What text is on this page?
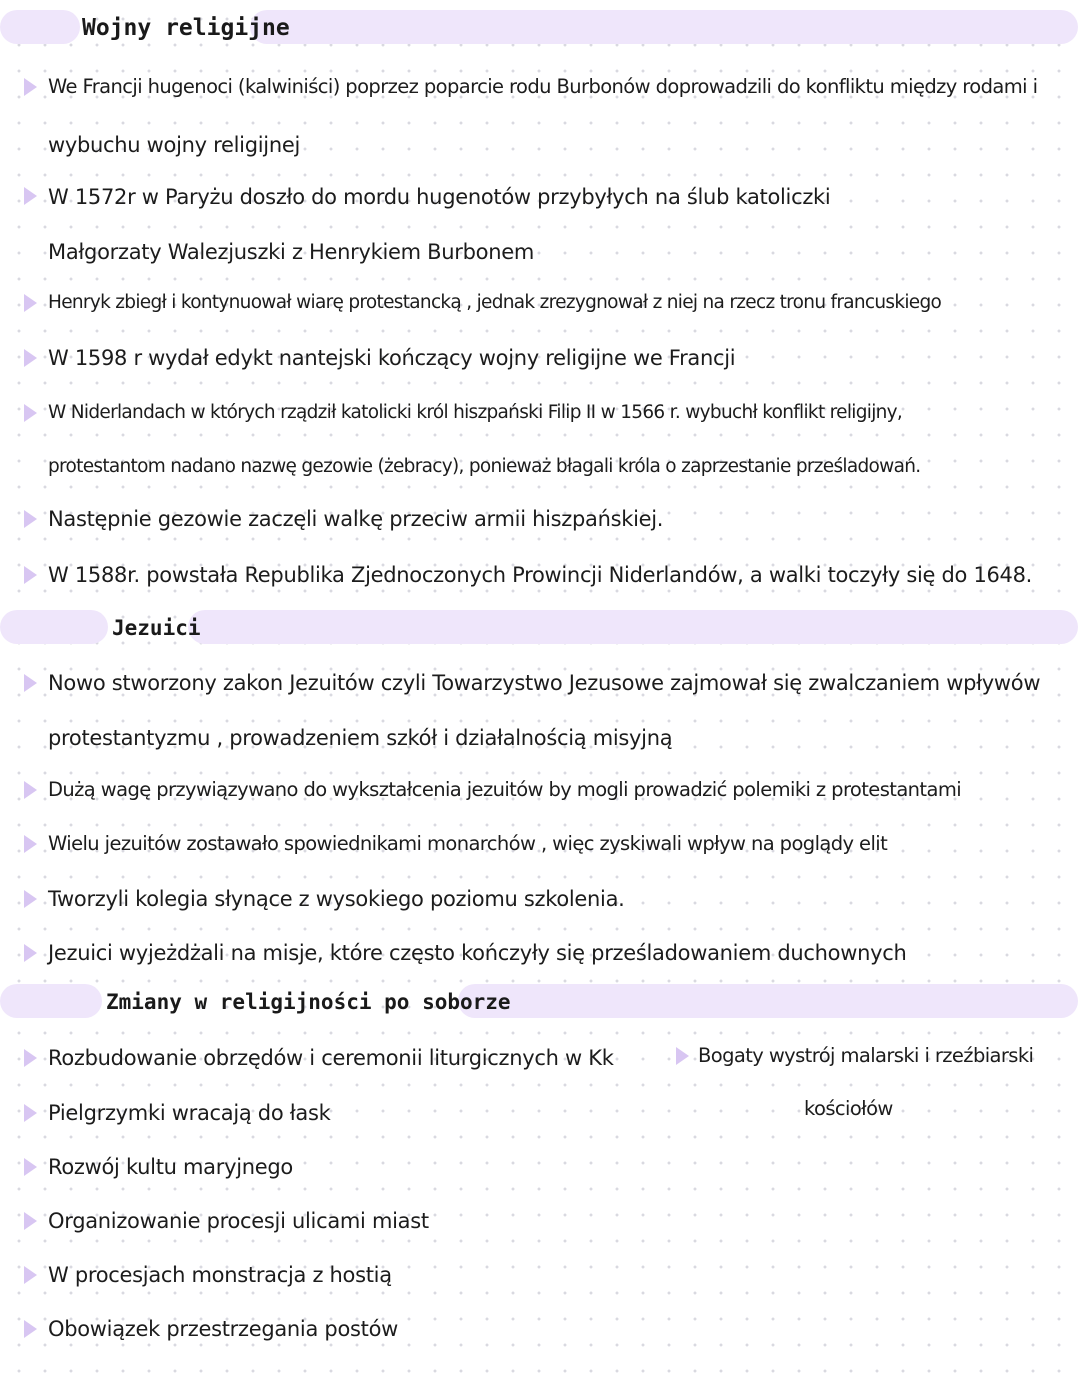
Wojny religijne
We Francji hugenoci (kalwiniści) poprzez poparcie rodu Burbonów doprowadzili do konfliktu między rodami i
wybuchu wojny religijnej
W 1572r w Paryżu doszło do mordu hugenotów przybyłych na ślub katoliczki
Małgorzaty Walezjuszki z Henrykiem Burbonem
Henryk zbiegł i kontynuował wiarę protestancką , jednak zrezygnował z niej na rzecz tronu francuskiego
W 1598 r wydał edykt nantejski kończący wojny religijne we Francji
W Niderlandach w których rządził katolicki król hiszpański Filip II w 1566 r. wybuchł konflikt religijny,
protestantom nadano nazwę gezowie (żebracy), ponieważ błagali króla o zaprzestanie prześladowań.
Następnie gezowie zaczęli walkę przeciw armii hiszpańskiej.
W 1588r. powstała Republika Zjednoczonych Prowincji Niderlandów, a walki toczyły się do 1648.
Jezuici
Nowo stworzony zakon Jezuitów czyli Towarzystwo Jezusowe zajmował się zwalczaniem wpływów
protestantyzmu , prowadzeniem szkół i działalnością misyjną
Dużą wagę przywiązywano do wykształcenia jezuitów by mogli prowadzić polemiki z protestantami
Wielu jezuitów zostawało spowiednikami monarchów , więc zyskiwali wpływ na poglądy elit
Tworzyli kolegia słynące z wysokiego poziomu szkolenia.
Jezuici wyjeżdżali na misje, które często kończyły się prześladowaniem duchownych
Zmiany w religijności po soborze
Rozbudowanie obrzędów i ceremonii liturgicznych w Kk	Bogaty wystrój malarski i rzeźbiarski
kościołów
Pielgrzymki wracają do łask
Rozwój kultu maryjnego
Organizowanie procesji ulicami miast
W procesjach monstracja z hostią
Obowiązek przestrzegania postów
